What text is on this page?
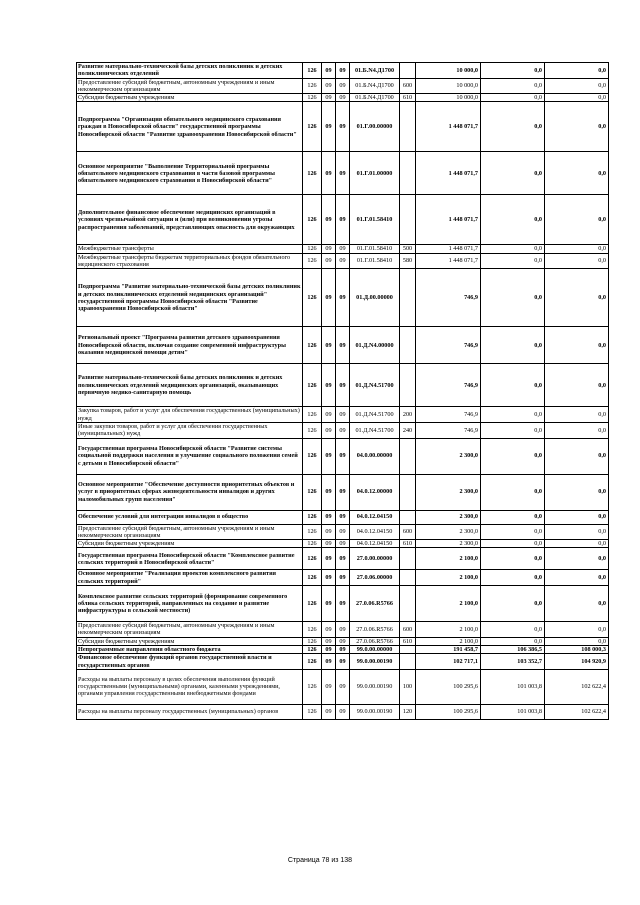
Развитие материально-технической базы детских поликлиник и детских поликлинических отделений	126	09	09	01.Б.N4.Д1700		10 000,0	0,0	0,0
Предоставление субсидий бюджетным, автономным учреждениям и иным некоммерческим организациям	126	09	09	01.Б.N4.Д1700	600	10 000,0	0,0	0,0
Субсидии бюджетным учреждениям	126	09	09	01.Б.N4.Д1700	610	10 000,0	0,0	0,0
Подпрограмма "Организация обязательного медицинского страхования граждан в Новосибирской области" государственной программы Новосибирской области "Развитие здравоохранения Новосибирской области"	126	09	09	01.Г.00.00000		1 448 071,7	0,0	0,0
Основное мероприятие "Выполнение Территориальной программы обязательного медицинского страхования в части базовой программы обязательного медицинского страхования в Новосибирской области"	126	09	09	01.Г.01.00000		1 448 071,7	0,0	0,0
Дополнительное финансовое обеспечение медицинских организаций в условиях чрезвычайной ситуации и (или) при возникновении угрозы распространения заболеваний, представляющих опасность для окружающих	126	09	09	01.Г.01.58410		1 448 071,7	0,0	0,0
Межбюджетные трансферты	126	09	09	01.Г.01.58410	500	1 448 071,7	0,0	0,0
Межбюджетные трансферты бюджетам территориальных фондов обязательного медицинского страхования	126	09	09	01.Г.01.58410	580	1 448 071,7	0,0	0,0
Подпрограмма "Развитие материально-технической базы детских поликлиник и детских поликлинических отделений медицинских организаций" государственной программы Новосибирской области "Развитие здравоохранения Новосибирской области"	126	09	09	01.Д.00.00000		746,9	0,0	0,0
Региональный проект "Программа развития детского здравоохранения Новосибирской области, включая создание современной инфраструктуры оказания медицинской помощи детям"	126	09	09	01.Д.N4.00000		746,9	0,0	0,0
Развитие материально-технической базы детских поликлиник и детских поликлинических отделений медицинских организаций, оказывающих первичную медико-санитарную помощь	126	09	09	01.Д.N4.51700		746,9	0,0	0,0
Закупка товаров, работ и услуг для обеспечения государственных (муниципальных) нужд	126	09	09	01.Д.N4.51700	200	746,9	0,0	0,0
Иные закупки товаров, работ и услуг для обеспечения государственных (муниципальных) нужд	126	09	09	01.Д.N4.51700	240	746,9	0,0	0,0
Государственная программа Новосибирской области "Развитие системы социальной поддержки населения и улучшение социального положения семей с детьми в Новосибирской области"	126	09	09	04.0.00.00000		2 300,0	0,0	0,0
Основное мероприятие "Обеспечение доступности приоритетных объектов и услуг в приоритетных сферах жизнедеятельности инвалидов и других маломобильных групп населения"	126	09	09	04.0.12.00000		2 300,0	0,0	0,0
Обеспечение условий для интеграции инвалидов в общество	126	09	09	04.0.12.04150		2 300,0	0,0	0,0
Предоставление субсидий бюджетным, автономным учреждениям и иным некоммерческим организациям	126	09	09	04.0.12.04150	600	2 300,0	0,0	0,0
Субсидии бюджетным учреждениям	126	09	09	04.0.12.04150	610	2 300,0	0,0	0,0
Государственная программа Новосибирской области "Комплексное развитие сельских территорий в Новосибирской области"	126	09	09	27.0.00.00000		2 100,0	0,0	0,0
Основное мероприятие "Реализация проектов комплексного развития сельских территорий"	126	09	09	27.0.06.00000		2 100,0	0,0	0,0
Комплексное развитие сельских территорий (формирование современного облика сельских территорий, направленных на создание и развитие инфраструктуры в сельской местности)	126	09	09	27.0.06.R5766		2 100,0	0,0	0,0
Предоставление субсидий бюджетным, автономным учреждениям и иным некоммерческим организациям	126	09	09	27.0.06.R5766	600	2 100,0	0,0	0,0
Субсидии бюджетным учреждениям	126	09	09	27.0.06.R5766	610	2 100,0	0,0	0,0
Непрограммные направления областного бюджета	126	09	09	99.0.00.00000		191 458,7	106 386,5	108 000,3
Финансовое обеспечение функций органов государственной власти и государственных органов	126	09	09	99.0.00.00190		102 717,1	103 352,7	104 920,9
Расходы на выплаты персоналу в целях обеспечения выполнения функций государственными (муниципальными) органами, казенными учреждениями, органами управления государственными внебюджетными фондами	126	09	09	99.0.00.00190	100	100 295,6	101 003,8	102 622,4
Расходы на выплаты персоналу государственных (муниципальных) органов	126	09	09	99.0.00.00190	120	100 295,6	101 003,8	102 622,4
Страница 78 из 138
